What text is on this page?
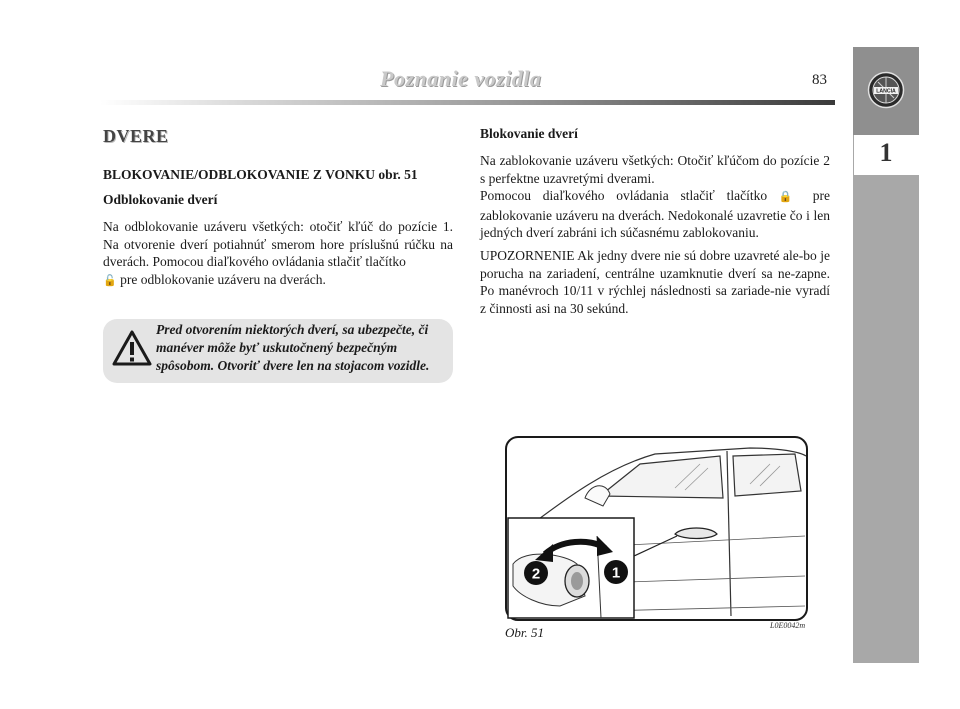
Poznanie vozidla	83
LANCIA
1
DVERE
BLOKOVANIE/ODBLOKOVANIE Z VONKU obr. 51
Odblokovanie dverí
Na odblokovanie uzáveru všetkých: otočiť kľúč do pozície 1. Na otvorenie dverí potiahnúť smerom hore príslušnú rúčku na dverách. Pomocou diaľkového ovládania stlačiť tlačítko
🔓 pre odblokovanie uzáveru na dverách.
Pred otvorením niektorých dverí, sa ubezpečte, či manéver môže byť uskutočnený bezpečným spôsobom. Otvoriť dvere len na stojacom vozidle.
Blokovanie dverí
Na zablokovanie uzáveru všetkých: Otočiť kľúčom do pozície 2 s perfektne uzavretými dverami.
Pomocou diaľkového ovládania stlačiť tlačítko 🔒 pre zablokovanie uzáveru na dverách. Nedokonalé uzavretie čo i len jedných dverí zabráni ich súčasnému zablokovaniu.
UPOZORNENIE Ak jedny dvere nie sú dobre uzavreté ale-bo je porucha na zariadení, centrálne uzamknutie dverí sa ne-zapne. Po manévroch 10/11 v rýchlej následnosti sa zariade-nie vyradí z činnosti asi na 30 sekúnd.
2	1
Obr. 51	L0E0042m
